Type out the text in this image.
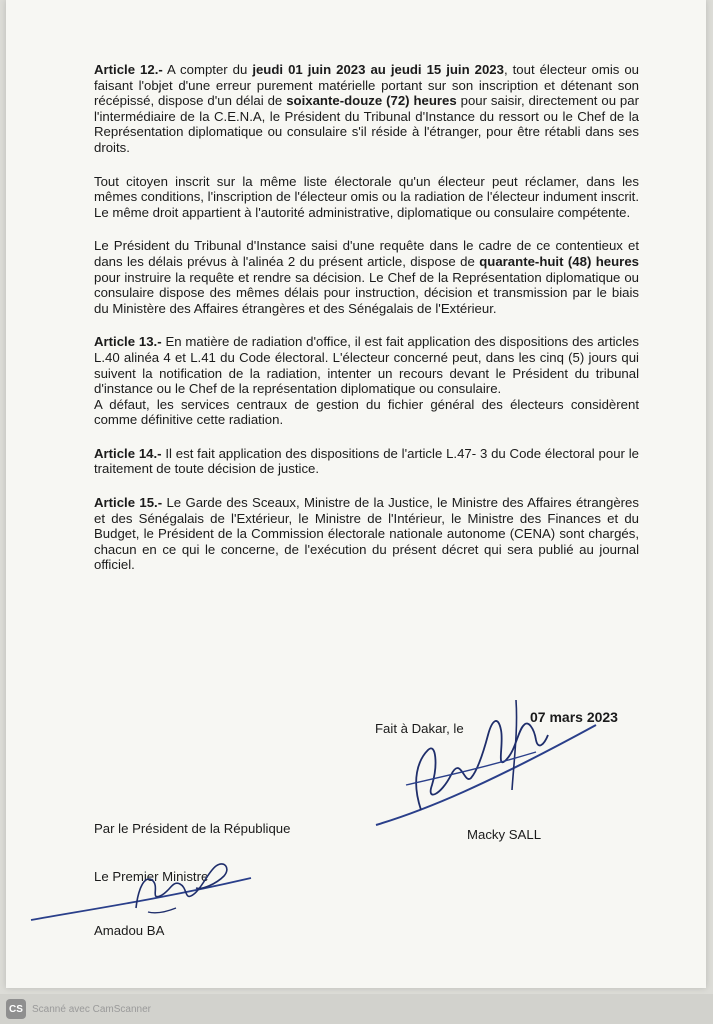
Article 12.- A compter du jeudi 01 juin 2023 au jeudi 15 juin 2023, tout électeur omis ou faisant l'objet d'une erreur purement matérielle portant sur son inscription et détenant son récépissé, dispose d'un délai de soixante-douze (72) heures pour saisir, directement ou par l'intermédiaire de la C.E.N.A, le Président du Tribunal d'Instance du ressort ou le Chef de la Représentation diplomatique ou consulaire s'il réside à l'étranger, pour être rétabli dans ses droits.

Tout citoyen inscrit sur la même liste électorale qu'un électeur peut réclamer, dans les mêmes conditions, l'inscription de l'électeur omis ou la radiation de l'électeur indument inscrit. Le même droit appartient à l'autorité administrative, diplomatique ou consulaire compétente.

Le Président du Tribunal d'Instance saisi d'une requête dans le cadre de ce contentieux et dans les délais prévus à l'alinéa 2 du présent article, dispose de quarante-huit (48) heures pour instruire la requête et rendre sa décision. Le Chef de la Représentation diplomatique ou consulaire dispose des mêmes délais pour instruction, décision et transmission par le biais du Ministère des Affaires étrangères et des Sénégalais de l'Extérieur.

Article 13.- En matière de radiation d'office, il est fait application des dispositions des articles L.40 alinéa 4 et L.41 du Code électoral. L'électeur concerné peut, dans les cinq (5) jours qui suivent la notification de la radiation, intenter un recours devant le Président du tribunal d'instance ou le Chef de la représentation diplomatique ou consulaire.

A défaut, les services centraux de gestion du fichier général des électeurs considèrent comme définitive cette radiation.

Article 14.- Il est fait application des dispositions de l'article L.47- 3 du Code électoral pour le traitement de toute décision de justice.

Article 15.- Le Garde des Sceaux, Ministre de la Justice, le Ministre des Affaires étrangères et des Sénégalais de l'Extérieur, le Ministre de l'Intérieur, le Ministre des Finances et du Budget, le Président de la Commission électorale nationale autonome (CENA) sont chargés, chacun en ce qui le concerne, de l'exécution du présent décret qui sera publié au journal officiel.

Fait à Dakar, le
07 mars 2023
Macky SALL
Par le Président de la République
Le Premier Ministre
Amadou BA
CS Scanné avec CamScanner
